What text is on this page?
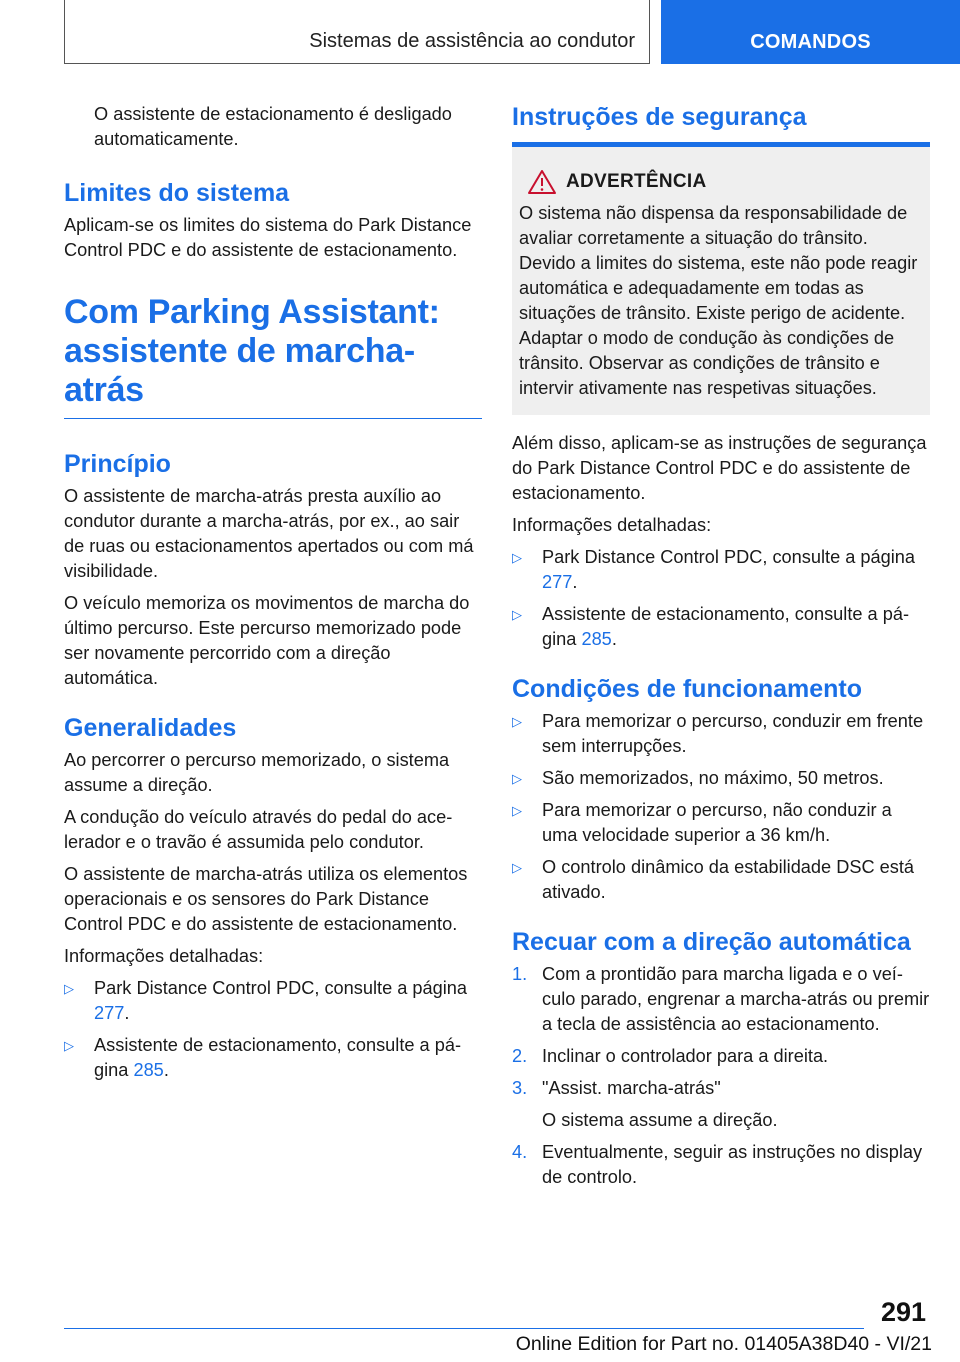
Sistemas de assistência ao condutor	COMANDOS

O assistente de estacionamento é desligado automaticamente.

Limites do sistema

Aplicam-se os limites do sistema do Park Distance Control PDC e do assistente de estacionamento.

Com Parking Assistant: assistente de marcha-atrás
Princípio

O assistente de marcha-atrás presta auxílio ao condutor durante a marcha-atrás, por ex., ao sair de ruas ou estacionamentos apertados ou com má visibilidade.

O veículo memoriza os movimentos de marcha do último percurso. Este percurso memorizado pode ser novamente percorrido com a direção automática.

Generalidades

Ao percorrer o percurso memorizado, o sistema assume a direção.

A condução do veículo através do pedal do acelerador e o travão é assumida pelo condutor.

O assistente de marcha-atrás utiliza os elementos operacionais e os sensores do Park Distance Control PDC e do assistente de estacionamento.

Informações detalhadas:

▷	Park Distance Control PDC, consulte a página 277.
▷	Assistente de estacionamento, consulte a página 285.
Instruções de segurança
ADVERTÊNCIA

O sistema não dispensa da responsabilidade de avaliar corretamente a situação do trânsito. Devido a limites do sistema, este não pode reagir automática e adequadamente em todas as situações de trânsito. Existe perigo de acidente. Adaptar o modo de condução às condições de trânsito. Observar as condições de trânsito e intervir ativamente nas respetivas situações.

Além disso, aplicam-se as instruções de segurança do Park Distance Control PDC e do assistente de estacionamento.

Informações detalhadas:

▷	Park Distance Control PDC, consulte a página 277.
▷	Assistente de estacionamento, consulte a página 285.
Condições de funcionamento
▷	Para memorizar o percurso, conduzir em frente sem interrupções.
▷	São memorizados, no máximo, 50 metros.
▷	Para memorizar o percurso, não conduzir a uma velocidade superior a 36 km/h.
▷	O controlo dinâmico da estabilidade DSC está ativado.
Recuar com a direção automática
1. Com a prontidão para marcha ligada e o veículo parado, engrenar a marcha-atrás ou premir a tecla de assistência ao estacionamento.
2. Inclinar o controlador para a direita.
3. "Assist. marcha-atrás"
O sistema assume a direção.
4. Eventualmente, seguir as instruções no display de controlo.
291
Online Edition for Part no. 01405A38D40 - VI/21
